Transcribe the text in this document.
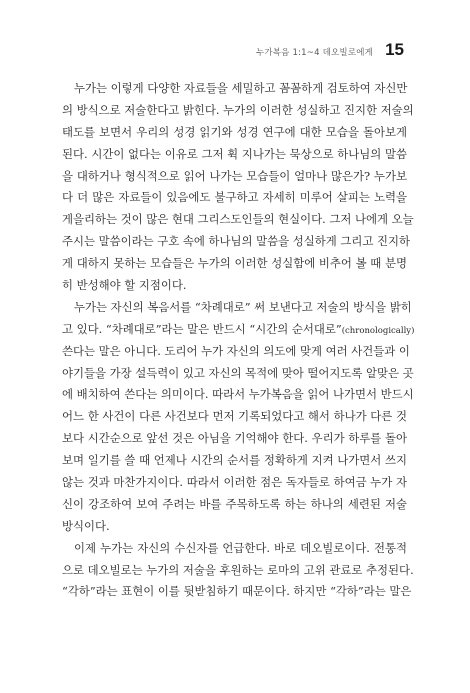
누가복음 1:1~4 데오빌로에게 15
누가는 이렇게 다양한 자료들을 세밀하고 꼼꼼하게 검토하여 자신만
의 방식으로 저술한다고 밝힌다. 누가의 이러한 성실하고 진지한 저술의
태도를 보면서 우리의 성경 읽기와 성경 연구에 대한 모습을 돌아보게
된다. 시간이 없다는 이유로 그저 휙 지나가는 묵상으로 하나님의 말씀
을 대하거나 형식적으로 읽어 나가는 모습들이 얼마나 많은가? 누가보
다 더 많은 자료들이 있음에도 불구하고 자세히 미루어 살피는 노력을
게을리하는 것이 많은 현대 그리스도인들의 현실이다. 그저 나에게 오늘
주시는 말씀이라는 구호 속에 하나님의 말씀을 성실하게 그리고 진지하
게 대하지 못하는 모습들은 누가의 이러한 성실함에 비추어 볼 때 분명
히 반성해야 할 지점이다.
누가는 자신의 복음서를 “차례대로” 써 보낸다고 저술의 방식을 밝히
고 있다. “차례대로”라는 말은 반드시 “시간의 순서대로”(chronologically)
쓴다는 말은 아니다. 도리어 누가 자신의 의도에 맞게 여러 사건들과 이
야기들을 가장 설득력이 있고 자신의 목적에 맞아 떨어지도록 알맞은 곳
에 배치하여 쓴다는 의미이다. 따라서 누가복음을 읽어 나가면서 반드시
어느 한 사건이 다른 사건보다 먼저 기록되었다고 해서 하나가 다른 것
보다 시간순으로 앞선 것은 아님을 기억해야 한다. 우리가 하루를 돌아
보며 일기를 쓸 때 언제나 시간의 순서를 정확하게 지켜 나가면서 쓰지
않는 것과 마찬가지이다. 따라서 이러한 점은 독자들로 하여금 누가 자
신이 강조하여 보여 주려는 바를 주목하도록 하는 하나의 세련된 저술
방식이다.
이제 누가는 자신의 수신자를 언급한다. 바로 데오빌로이다. 전통적
으로 데오빌로는 누가의 저술을 후원하는 로마의 고위 관료로 추정된다.
“각하”라는 표현이 이를 뒷받침하기 때문이다. 하지만 “각하”라는 말은
